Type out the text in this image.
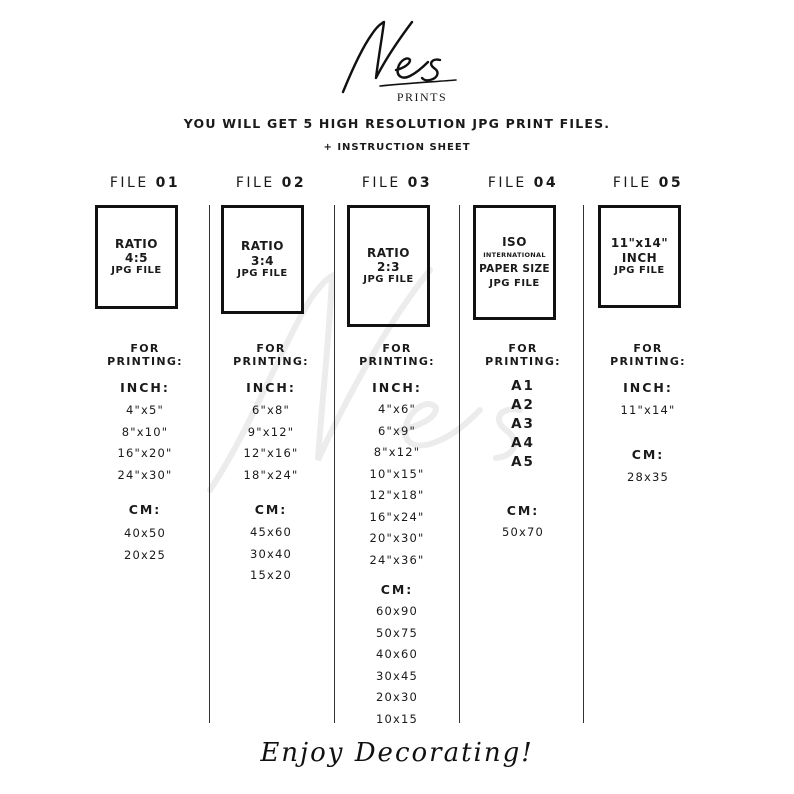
PRINTS
YOU WILL GET 5 HIGH RESOLUTION JPG PRINT FILES.
+ INSTRUCTION SHEET
FILE 01
RATIO
4:5
JPG FILE
FOR
PRINTING:
INCH:
4"x5"
8"x10"
16"x20"
24"x30"
CM:
40x50
20x25
FILE 02
RATIO
3:4
JPG FILE
FOR
PRINTING:
INCH:
6"x8"
9"x12"
12"x16"
18"x24"
CM:
45x60
30x40
15x20
FILE 03
RATIO
2:3
JPG FILE
FOR
PRINTING:
INCH:
4"x6"
6"x9"
8"x12"
10"x15"
12"x18"
16"x24"
20"x30"
24"x36"
CM:
60x90
50x75
40x60
30x45
20x30
10x15
FILE 04
ISO
INTERNATIONAL
PAPER SIZE
JPG FILE
FOR
PRINTING:
A1
A2
A3
A4
A5
CM:
50x70
FILE 05
11"x14"
INCH
JPG FILE
FOR
PRINTING:
INCH:
11"x14"
CM:
28x35
Enjoy Decorating!
